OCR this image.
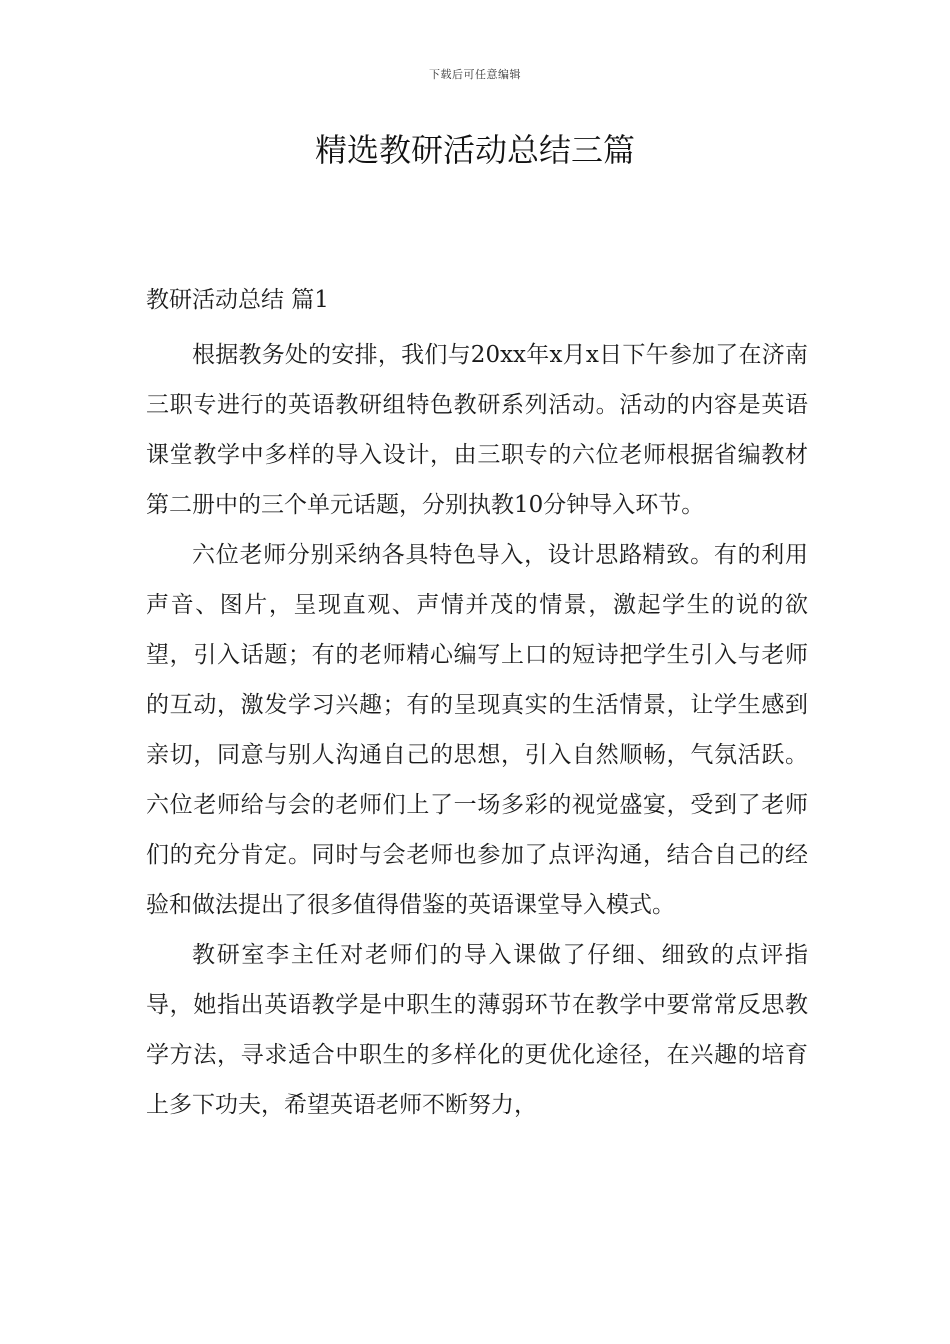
下载后可任意编辑
精选教研活动总结三篇
教研活动总结 篇1

根据教务处的安排，我们与20xx年x月x日下午参加了在济南三职专进行的英语教研组特色教研系列活动。活动的内容是英语课堂教学中多样的导入设计，由三职专的六位老师根据省编教材第二册中的三个单元话题，分别执教10分钟导入环节。

六位老师分别采纳各具特色导入，设计思路精致。有的利用声音、图片，呈现直观、声情并茂的情景，激起学生的说的欲望，引入话题；有的老师精心编写上口的短诗把学生引入与老师的互动，激发学习兴趣；有的呈现真实的生活情景，让学生感到亲切，同意与别人沟通自己的思想，引入自然顺畅，气氛活跃。六位老师给与会的老师们上了一场多彩的视觉盛宴，受到了老师们的充分肯定。同时与会老师也参加了点评沟通，结合自己的经验和做法提出了很多值得借鉴的英语课堂导入模式。

教研室李主任对老师们的导入课做了仔细、细致的点评指导，她指出英语教学是中职生的薄弱环节在教学中要常常反思教学方法，寻求适合中职生的多样化的更优化途径，在兴趣的培育上多下功夫，希望英语老师不断努力，
